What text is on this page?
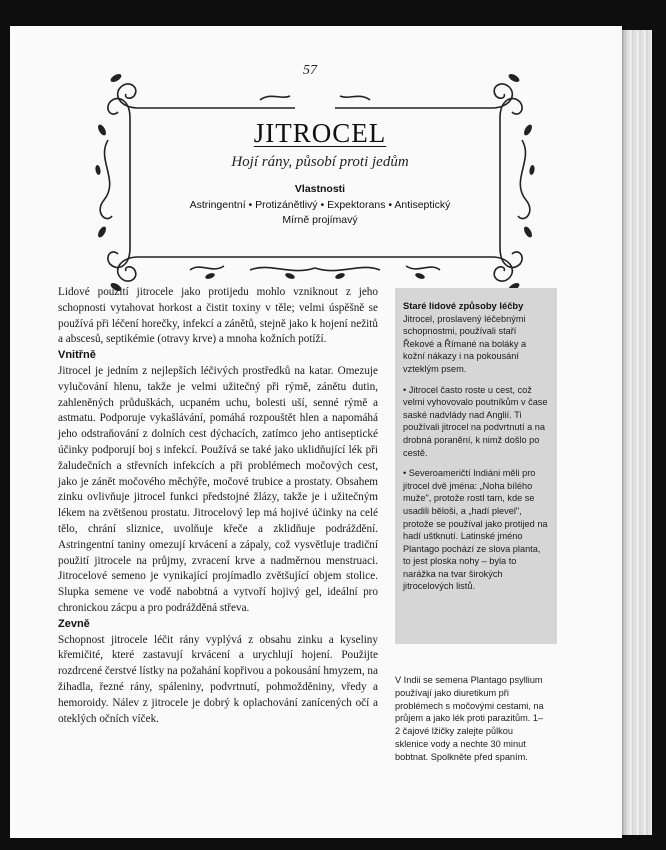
57
JITROCEL
Hojí rány, působí proti jedům
Vlastnosti
Astringentní • Protizánětlivý • Expektorans • Antiseptický
Mírně projímavý

Lidové použití jitrocele jako protijedu mohlo vzniknout z jeho schopnosti vytahovat horkost a čistit toxiny v těle; velmi úspěšně se používá při léčení horečky, infekcí a zánětů, stejně jako k hojení nežitů a abscesů, septikémie (otravy krve) a mnoha kožních potíží.

Vnitřně

Jitrocel je jedním z nejlepších léčivých prostředků na katar. Omezuje vylučování hlenu, takže je velmi užitečný při rýmě, zánětu dutin, zahleněných průduškách, ucpaném uchu, bolesti uší, senné rýmě a astmatu. Podporuje vykašlávání, pomáhá rozpouštět hlen a napomáhá jeho odstraňování z dolních cest dýchacích, zatímco jeho antiseptické účinky podporují boj s infekcí. Používá se také jako uklidňující lék při žaludečních a střevních infekcích a při problémech močových cest, jako je zánět močového měchýře, močové trubice a prostaty. Obsahem zinku ovlivňuje jitrocel funkci předstojné žlázy, takže je i užitečným lékem na zvětšenou prostatu. Jitrocelový lep má hojivé účinky na celé tělo, chrání sliznice, uvolňuje křeče a zklidňuje podráždění. Astringentní taniny omezují krvácení a zápaly, což vysvětluje tradiční použití jitrocele na průjmy, zvracení krve a nadměrnou menstruaci. Jitrocelové semeno je vynikající projímadlo zvětšující objem stolice. Slupka semene ve vodě nabobtná a vytvoří hojivý gel, ideální pro chronickou zácpu a pro podrážděná střeva.

Zevně

Schopnost jitrocele léčit rány vyplývá z obsahu zinku a kyseliny křemičité, které zastavují krvácení a urychlují hojení. Použijte rozdrcené čerstvé lístky na požahání kopřivou a pokousání hmyzem, na žihadla, řezné rány, spáleniny, podvrtnutí, pohmožděniny, vředy a hemoroidy. Nálev z jitrocele je dobrý k oplachování zanícených očí a oteklých očních víček.

Staré lidové způsoby léčby

Jitrocel, proslavený léčebnými schopnostmi, používali staří Řekové a Římané na boláky a kožní nákazy i na pokousání vzteklým psem.

• Jitrocel často roste u cest, což velmi vyhovovalo poutníkům v čase saské nadvlády nad Anglií. Ti používali jitrocel na podvrtnutí a na drobná poranění, k nimž došlo po cestě.

• Severoameričtí Indiáni měli pro jitrocel dvě jména: „Noha bílého muže", protože rostl tam, kde se usadili běloši, a „hadí plevel", protože se používal jako protijed na hadí uštknutí. Latinské jméno Plantago pochází ze slova planta, to jest ploska nohy – byla to narážka na tvar širokých jitrocelových listů.

V Indii se semena Plantago psyllium používají jako diuretikum při problémech s močovými cestami, na průjem a jako lék proti parazitům. 1–2 čajové lžičky zalejte půlkou sklenice vody a nechte 30 minut bobtnat. Spolkněte před spaním.
